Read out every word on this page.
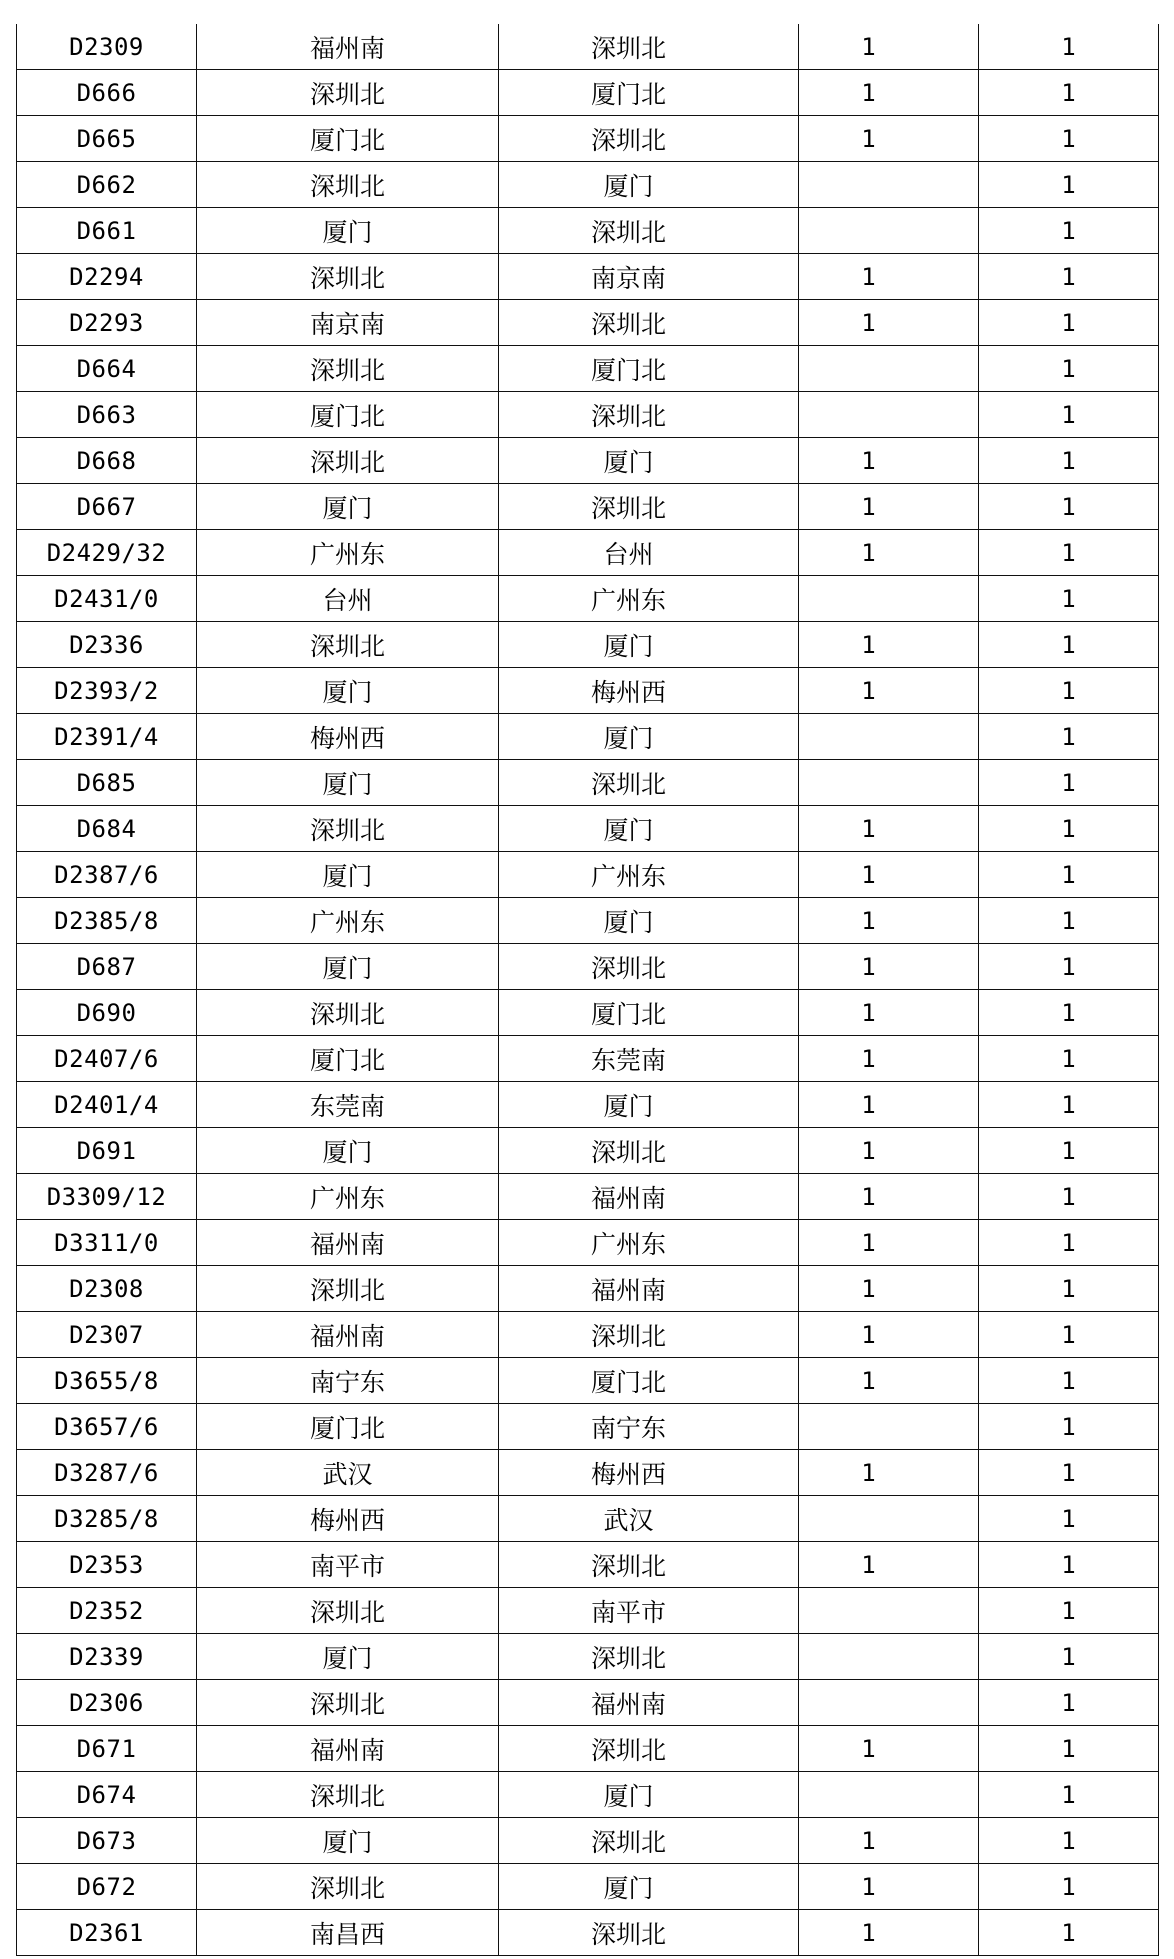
D2309	福州南	深圳北	1	1
D666	深圳北	厦门北	1	1
D665	厦门北	深圳北	1	1
D662	深圳北	厦门		1
D661	厦门	深圳北		1
D2294	深圳北	南京南	1	1
D2293	南京南	深圳北	1	1
D664	深圳北	厦门北		1
D663	厦门北	深圳北		1
D668	深圳北	厦门	1	1
D667	厦门	深圳北	1	1
D2429/32	广州东	台州	1	1
D2431/0	台州	广州东		1
D2336	深圳北	厦门	1	1
D2393/2	厦门	梅州西	1	1
D2391/4	梅州西	厦门		1
D685	厦门	深圳北		1
D684	深圳北	厦门	1	1
D2387/6	厦门	广州东	1	1
D2385/8	广州东	厦门	1	1
D687	厦门	深圳北	1	1
D690	深圳北	厦门北	1	1
D2407/6	厦门北	东莞南	1	1
D2401/4	东莞南	厦门	1	1
D691	厦门	深圳北	1	1
D3309/12	广州东	福州南	1	1
D3311/0	福州南	广州东	1	1
D2308	深圳北	福州南	1	1
D2307	福州南	深圳北	1	1
D3655/8	南宁东	厦门北	1	1
D3657/6	厦门北	南宁东		1
D3287/6	武汉	梅州西	1	1
D3285/8	梅州西	武汉		1
D2353	南平市	深圳北	1	1
D2352	深圳北	南平市		1
D2339	厦门	深圳北		1
D2306	深圳北	福州南		1
D671	福州南	深圳北	1	1
D674	深圳北	厦门		1
D673	厦门	深圳北	1	1
D672	深圳北	厦门	1	1
D2361	南昌西	深圳北	1	1
